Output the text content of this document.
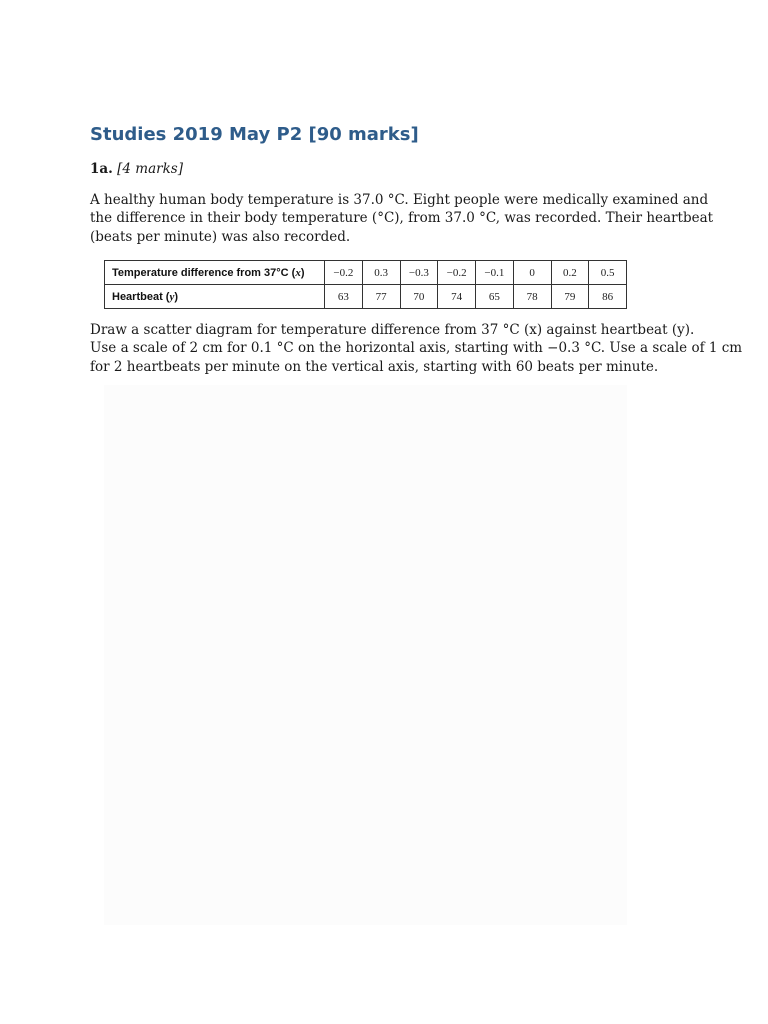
Studies 2019 May P2 [90 marks]

1a. [4 marks]

A healthy human body temperature is 37.0 °C. Eight people were medically examined and
the difference in their body temperature (°C), from 37.0 °C, was recorded. Their heartbeat
(beats per minute) was also recorded.

Temperature difference from 37°C (x)	−0.2	0.3	−0.3	−0.2	−0.1	0	0.2	0.5
Heartbeat (y)	63	77	70	74	65	78	79	86

Draw a scatter diagram for temperature difference from 37 °C (x) against heartbeat (y).
Use a scale of 2 cm for 0.1 °C on the horizontal axis, starting with −0.3 °C. Use a scale of 1 cm
for 2 heartbeats per minute on the vertical axis, starting with 60 beats per minute.
